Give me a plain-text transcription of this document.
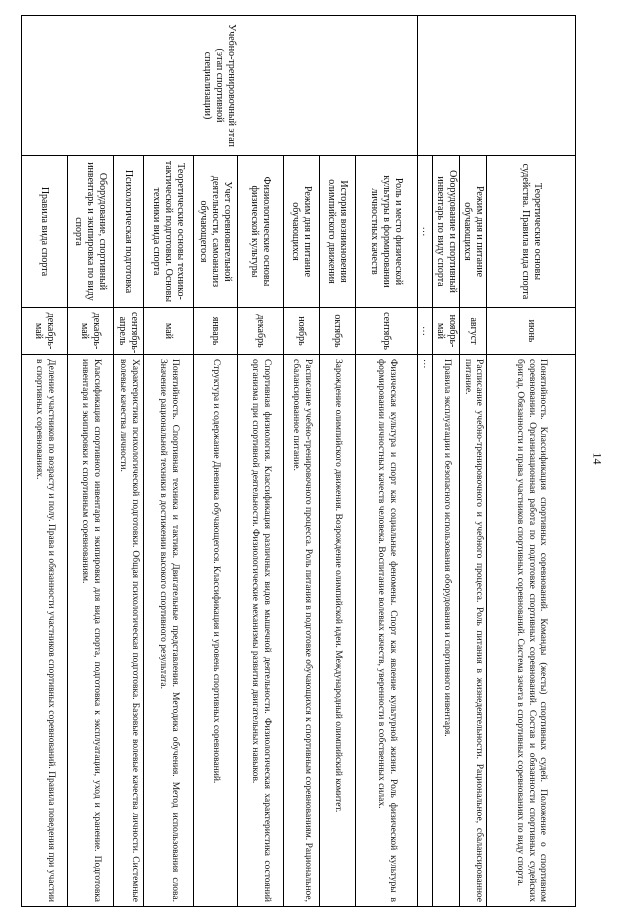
14
	Теоретические основы судейства. Правила вида спорта	июнь	Понятийность. Классификация спортивных соревнований. Команды (жесты) спортивных судей. Положение о спортивном соревновании. Организационная работа по подготовке спортивных соревнований. Состав и обязанности спортивных судейских бригад. Обязанности и права участников спортивных соревнований. Система зачета в спортивных соревнованиях по виду спорта.
	Режим дня и питание обучающихся	август	Расписание учебно-тренировочного и учебного процесса. Роль питания в жизнедеятельности. Рациональное, сбалансированное питание.
	Оборудование и спортивный инвентарь по виду спорта	ноябрь-май	Правила эксплуатации и безопасного использования оборудования и спортивного инвентаря.
	…	…	…
Учебно-тренировочный этап (этап спортивной специализации)	Роль и место физической культуры в формировании личностных качеств	сентябрь	Физическая культура и спорт как социальные феномены. Спорт как явление культурной жизни. Роль физической культуры в формировании личностных качеств человека. Воспитание волевых качеств, уверенности в собственных силах.
	История возникновения олимпийского движения	октябрь	Зарождение олимпийского движения. Возрождение олимпийской идеи. Международный олимпийский комитет.
	Режим дня и питание обучающихся	ноябрь	Расписание учебно-тренировочного процесса. Роль питания в подготовке обучающихся к спортивным соревнованиям. Рациональное, сбалансированное питание.
	Физиологические основы физической культуры	декабрь	Спортивная физиология. Классификация различных видов мышечной деятельности. Физиологическая характеристика состояний организма при спортивной деятельности. Физиологические механизмы развития двигательных навыков.
	Учет соревновательной деятельности, самоанализ обучающегося	январь	Структура и содержание Дневника обучающегося. Классификация и уровень спортивных соревнований.
	Теоретические основы технико-тактической подготовки. Основы техники вида спорта	май	Понятийность. Спортивная техника и тактика. Двигательные представления. Методика обучения. Метод использования слова. Значение рациональной техники в достижении высокого спортивного результата.
	Психологическая подготовка	сентябрь-апрель	Характеристика психологической подготовки. Общая психологическая подготовка. Базовые волевые качества личности. Системные волевые качества личности.
	Оборудование, спортивный инвентарь и экипировка по виду спорта	декабрь-май	Классификация спортивного инвентаря и экипировки для вида спорта, подготовка к эксплуатации, уход и хранение. Подготовка инвентаря и экипировки к спортивным соревнованиям.
	Правила вида спорта	декабрь-май	Деление участников по возрасту и полу. Права и обязанности участников спортивных соревнований. Правила поведения при участии в спортивных соревнованиях.
